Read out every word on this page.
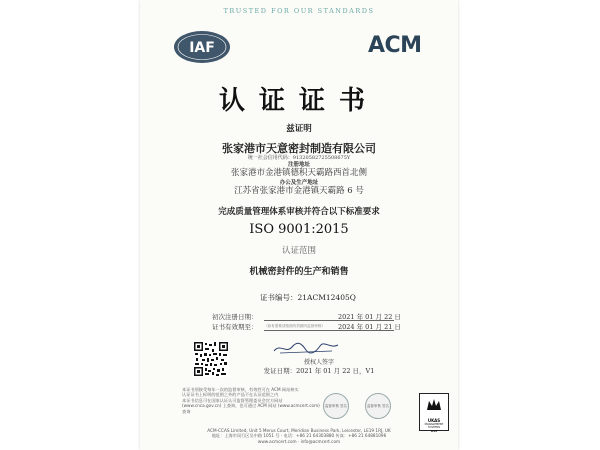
TRUSTED FOR OUR STANDARDS
IAF	ACM
认证证书
兹证明
张家港市天意密封制造有限公司
统一社会信用代码：91320582725508675Y
注册地址
张家港市金港镇德积天霸路西首北侧
办公及生产地址
江苏省张家港市金港镇天霸路 6 号
完成质量管理体系审核并符合以下标准要求
ISO 9001:2015
认证范围
机械密封件的生产和销售
证书编号：21ACM12405Q
初次注册日期：	2021 年 01 月 22 日
证书有效期至： （如有需要请按照有效期内监督审核） 2024 年 01 月 21 日
授权人签字
发证日期：2021 年 01 月 22 日，V1
本证书须接受每年一次的监督审核，有效性可在 ACM 网站核实
认证证书上标明的范围之外的产品不在认证范围之内
本证书信息可在国家认证认可监督管理委员会官方网站
(www.cnca.gov.cn) 上查询，也可通过 ACM 网站 (www.acmcert.com) 查询
监督审核 签名	监督审核 签名
UKAS
MANAGEMENT SYSTEMS
045
ACM-CCAS Limited, Unit 5 Merus Court, Meridian Business Park, Leicester, LE19 1RJ, UK
地址：上海市闵行区吴中路 1051 号 · 电话：+86 21 64303880 传真：+86 21 64881096
www.acmcert.com · info@acmcert.com
